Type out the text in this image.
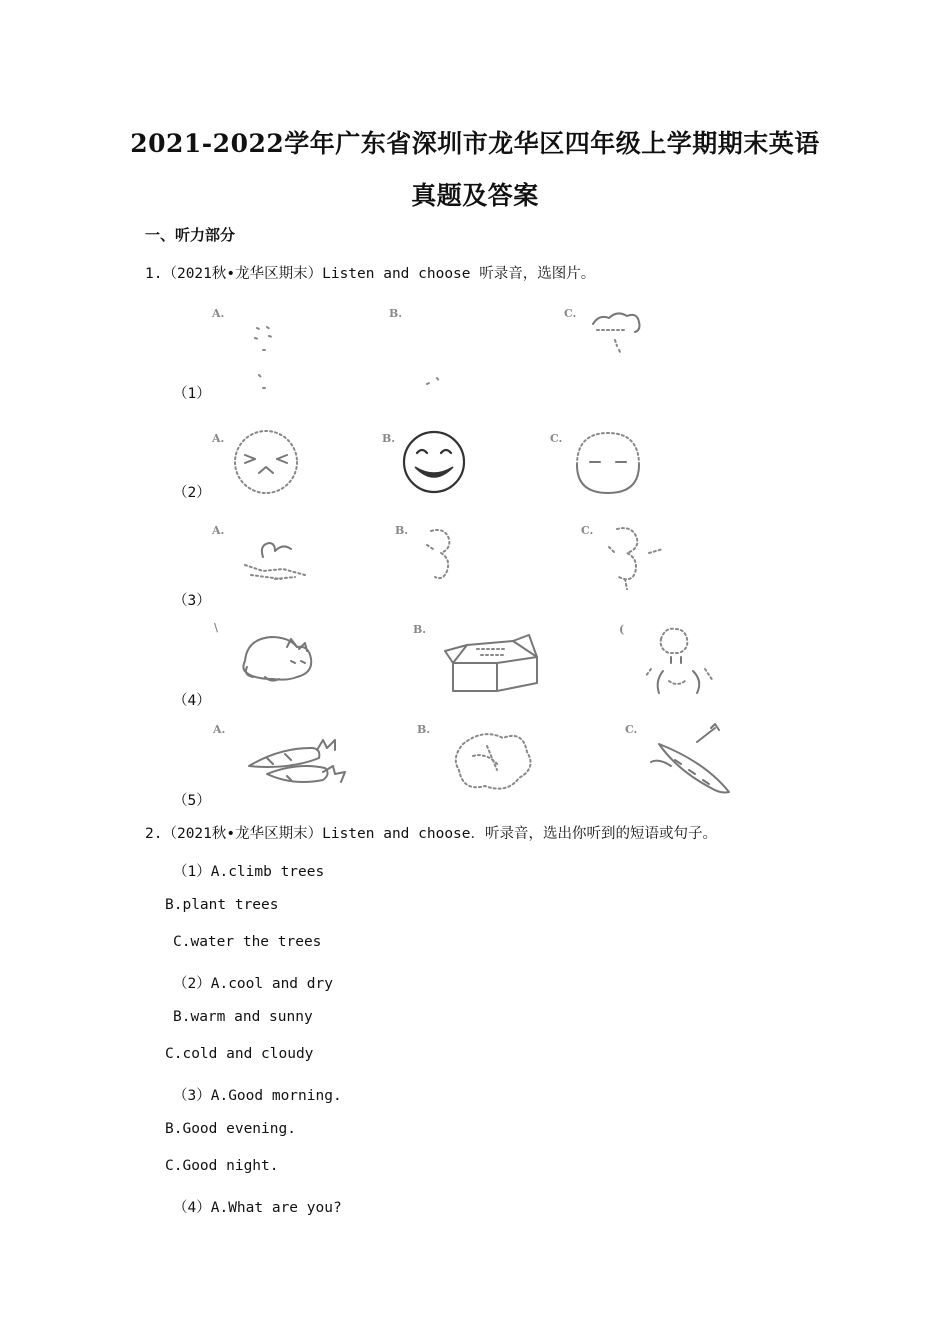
2021-2022学年广东省深圳市龙华区四年级上学期期末英语
真题及答案
一、听力部分
1.（2021秋•龙华区期末）Listen and choose 听录音，选图片。
（1）
A.	B.	C.
（2）
A.	B.	C.
（3）
A.	B.	C.
（4）
\	B.	(
（5）
A.	B.	C.
2.（2021秋•龙华区期末）Listen and choose．听录音，选出你听到的短语或句子。
（1）A.climb trees
B.plant trees
C.water the trees
（2）A.cool and dry
B.warm and sunny
C.cold and cloudy
（3）A.Good morning.
B.Good evening.
C.Good night.
（4）A.What are you?
